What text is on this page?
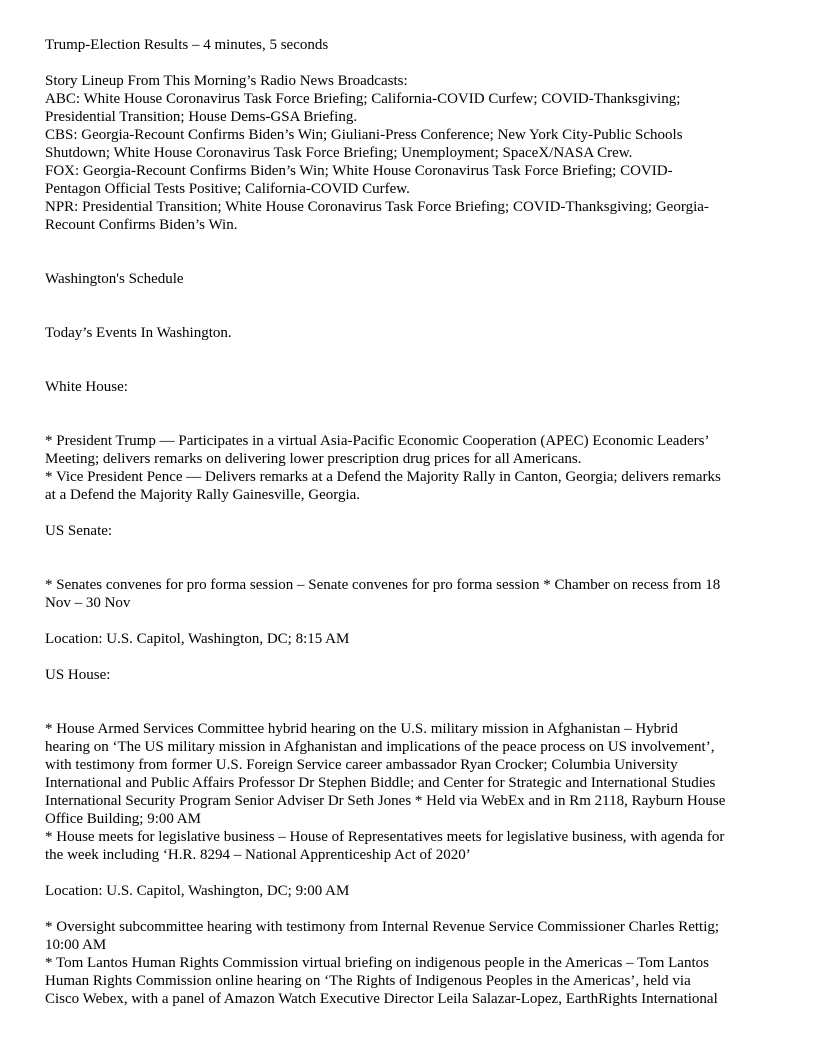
Trump-Election Results – 4 minutes, 5 seconds

Story Lineup From This Morning’s Radio News Broadcasts:

ABC: White House Coronavirus Task Force Briefing; California-COVID Curfew; COVID-Thanksgiving;

Presidential Transition; House Dems-GSA Briefing.

CBS: Georgia-Recount Confirms Biden’s Win; Giuliani-Press Conference; New York City-Public Schools

Shutdown; White House Coronavirus Task Force Briefing; Unemployment; SpaceX/NASA Crew.

FOX: Georgia-Recount Confirms Biden’s Win; White House Coronavirus Task Force Briefing; COVID-

Pentagon Official Tests Positive; California-COVID Curfew.

NPR: Presidential Transition; White House Coronavirus Task Force Briefing; COVID-Thanksgiving; Georgia-

Recount Confirms Biden’s Win.

Washington's Schedule

Today’s Events In Washington.

White House:

* President Trump — Participates in a virtual Asia-Pacific Economic Cooperation (APEC) Economic Leaders’

Meeting; delivers remarks on delivering lower prescription drug prices for all Americans.

* Vice President Pence — Delivers remarks at a Defend the Majority Rally in Canton, Georgia; delivers remarks

at a Defend the Majority Rally Gainesville, Georgia.

US Senate:

* Senates convenes for pro forma session – Senate convenes for pro forma session * Chamber on recess from 18

Nov – 30 Nov

Location: U.S. Capitol, Washington, DC; 8:15 AM

US House:

* House Armed Services Committee hybrid hearing on the U.S. military mission in Afghanistan – Hybrid

hearing on ‘The US military mission in Afghanistan and implications of the peace process on US involvement’,

with testimony from former U.S. Foreign Service career ambassador Ryan Crocker; Columbia University

International and Public Affairs Professor Dr Stephen Biddle; and Center for Strategic and International Studies

International Security Program Senior Adviser Dr Seth Jones * Held via WebEx and in Rm 2118, Rayburn House

Office Building; 9:00 AM

* House meets for legislative business – House of Representatives meets for legislative business, with agenda for

the week including ‘H.R. 8294 – National Apprenticeship Act of 2020’

Location: U.S. Capitol, Washington, DC; 9:00 AM

* Oversight subcommittee hearing with testimony from Internal Revenue Service Commissioner Charles Rettig;

10:00 AM

* Tom Lantos Human Rights Commission virtual briefing on indigenous people in the Americas – Tom Lantos

Human Rights Commission online hearing on ‘The Rights of Indigenous Peoples in the Americas’, held via

Cisco Webex, with a panel of Amazon Watch Executive Director Leila Salazar-Lopez, EarthRights International
